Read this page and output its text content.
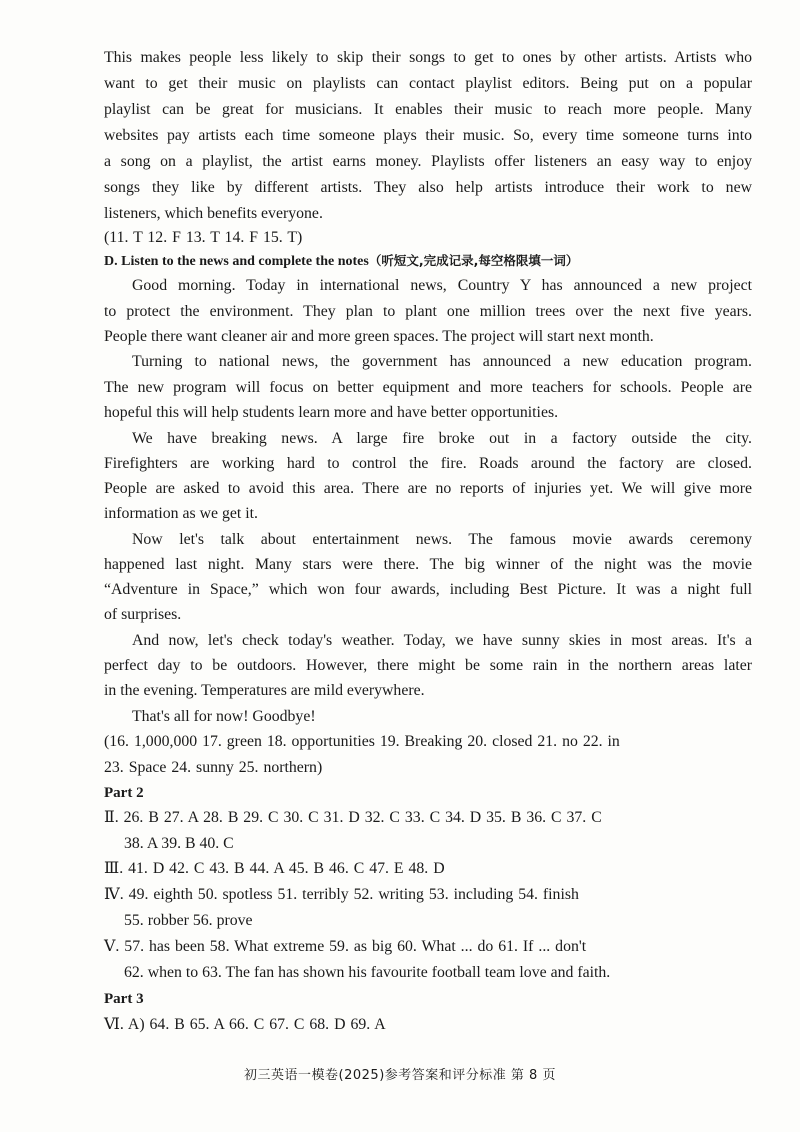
This makes people less likely to skip their songs to get to ones by other artists. Artists who
want to get their music on playlists can contact playlist editors. Being put on a popular
playlist can be great for musicians. It enables their music to reach more people. Many
websites pay artists each time someone plays their music. So, every time someone turns into
a song on a playlist, the artist earns money. Playlists offer listeners an easy way to enjoy
songs they like by different artists. They also help artists introduce their work to new
listeners, which benefits everyone.
(11. T 12. F 13. T 14. F 15. T)
D. Listen to the news and complete the notes（听短文,完成记录,每空格限填一词）
Good morning. Today in international news, Country Y has announced a new project
to protect the environment. They plan to plant one million trees over the next five years.
People there want cleaner air and more green spaces. The project will start next month.
Turning to national news, the government has announced a new education program.
The new program will focus on better equipment and more teachers for schools. People are
hopeful this will help students learn more and have better opportunities.
We have breaking news. A large fire broke out in a factory outside the city.
Firefighters are working hard to control the fire. Roads around the factory are closed.
People are asked to avoid this area. There are no reports of injuries yet. We will give more
information as we get it.
Now let's talk about entertainment news. The famous movie awards ceremony
happened last night. Many stars were there. The big winner of the night was the movie
“Adventure in Space,” which won four awards, including Best Picture. It was a night full
of surprises.
And now, let's check today's weather. Today, we have sunny skies in most areas. It's a
perfect day to be outdoors. However, there might be some rain in the northern areas later
in the evening. Temperatures are mild everywhere.
That's all for now! Goodbye!
(16. 1,000,000 17. green 18. opportunities 19. Breaking 20. closed 21. no 22. in
23. Space 24. sunny 25. northern)
Part 2
Ⅱ. 26. B 27. A 28. B 29. C 30. C 31. D 32. C 33. C 34. D 35. B 36. C 37. C
38. A 39. B 40. C
Ⅲ. 41. D 42. C 43. B 44. A 45. B 46. C 47. E 48. D
Ⅳ. 49. eighth 50. spotless 51. terribly 52. writing 53. including 54. finish
55. robber 56. prove
Ⅴ. 57. has been 58. What extreme 59. as big 60. What ... do 61. If ... don't
62. when to 63. The fan has shown his favourite football team love and faith.
Part 3
Ⅵ. A) 64. B 65. A 66. C 67. C 68. D 69. A
初三英语一模卷(2025)参考答案和评分标准 第 8 页
